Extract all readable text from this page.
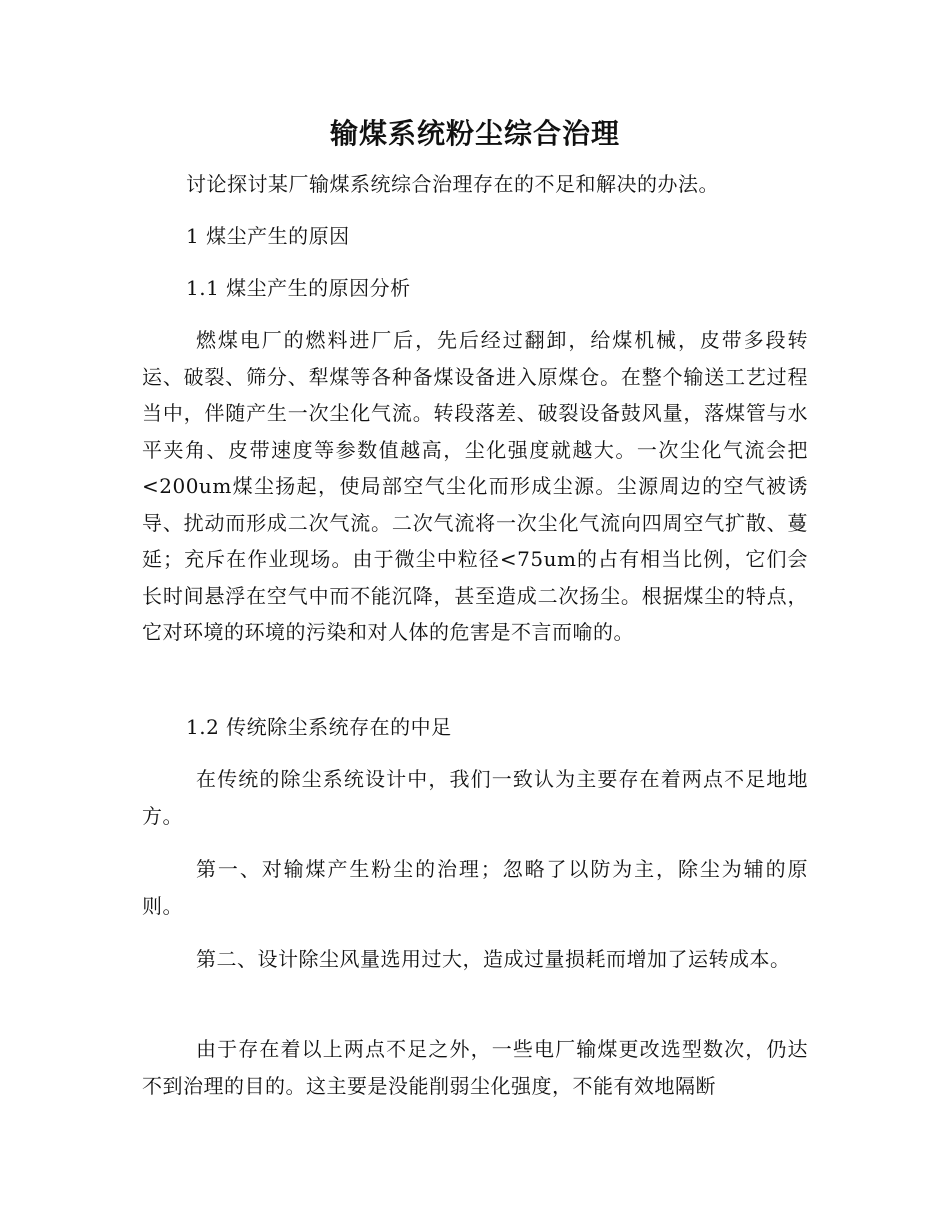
输煤系统粉尘综合治理
讨论探讨某厂输煤系统综合治理存在的不足和解决的办法。
1 煤尘产生的原因
1.1 煤尘产生的原因分析
燃煤电厂的燃料进厂后，先后经过翻卸，给煤机械，皮带多段转运、破裂、筛分、犁煤等各种备煤设备进入原煤仓。在整个输送工艺过程当中，伴随产生一次尘化气流。转段落差、破裂设备鼓风量，落煤管与水平夹角、皮带速度等参数值越高，尘化强度就越大。一次尘化气流会把<200um煤尘扬起，使局部空气尘化而形成尘源。尘源周边的空气被诱导、扰动而形成二次气流。二次气流将一次尘化气流向四周空气扩散、蔓延；充斥在作业现场。由于微尘中粒径<75um的占有相当比例，它们会长时间悬浮在空气中而不能沉降，甚至造成二次扬尘。根据煤尘的特点，它对环境的环境的污染和对人体的危害是不言而喻的。
1.2 传统除尘系统存在的中足
在传统的除尘系统设计中，我们一致认为主要存在着两点不足地地方。
第一、对输煤产生粉尘的治理；忽略了以防为主，除尘为辅的原则。
第二、设计除尘风量选用过大，造成过量损耗而增加了运转成本。
由于存在着以上两点不足之外，一些电厂输煤更改选型数次，仍达不到治理的目的。这主要是没能削弱尘化强度，不能有效地隔断
